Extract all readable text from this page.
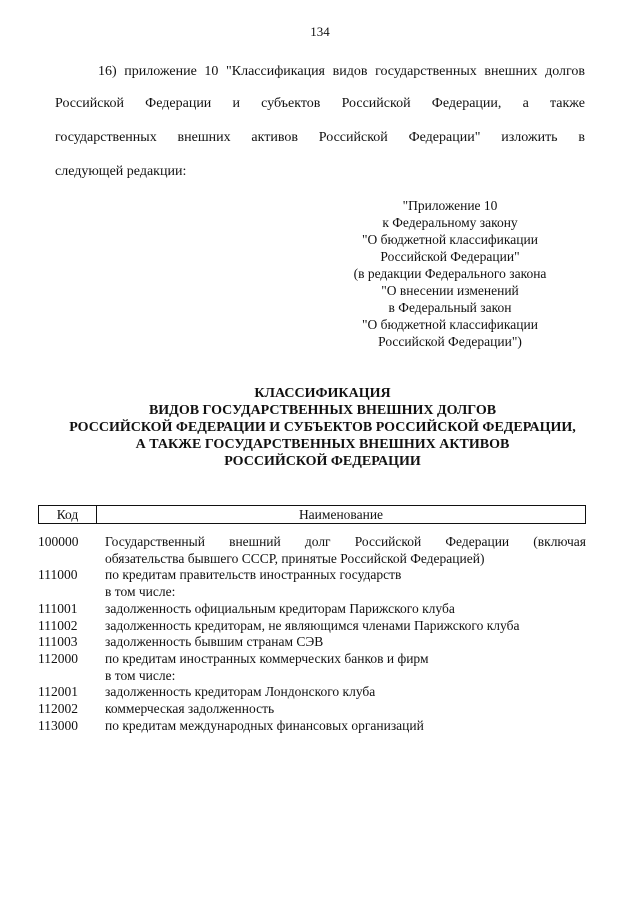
134
16) приложение 10 "Классификация видов государственных внешних долгов
Российской Федерации и субъектов Российской Федерации, а также
государственных внешних активов Российской Федерации" изложить в
следующей редакции:
"Приложение 10
к Федеральному закону
"О бюджетной классификации
Российской Федерации"
(в редакции Федерального закона
"О внесении изменений
в Федеральный закон
"О бюджетной классификации
Российской Федерации")
КЛАССИФИКАЦИЯ
ВИДОВ ГОСУДАРСТВЕННЫХ ВНЕШНИХ ДОЛГОВ
РОССИЙСКОЙ ФЕДЕРАЦИИ И СУБЪЕКТОВ РОССИЙСКОЙ ФЕДЕРАЦИИ,
А ТАКЖЕ ГОСУДАРСТВЕННЫХ ВНЕШНИХ АКТИВОВ
РОССИЙСКОЙ ФЕДЕРАЦИИ
Код	Наименование
100000	Государственный внешний долг Российской Федерации (включая
обязательства бывшего СССР, принятые Российской Федерацией)
111000	по кредитам правительств иностранных государств
в том числе:
111001	задолженность официальным кредиторам Парижского клуба
111002	задолженность кредиторам, не являющимся членами Парижского клуба
111003	задолженность бывшим странам СЭВ
112000	по кредитам иностранных коммерческих банков и фирм
в том числе:
112001	задолженность кредиторам Лондонского клуба
112002	коммерческая задолженность
113000	по кредитам международных финансовых организаций
